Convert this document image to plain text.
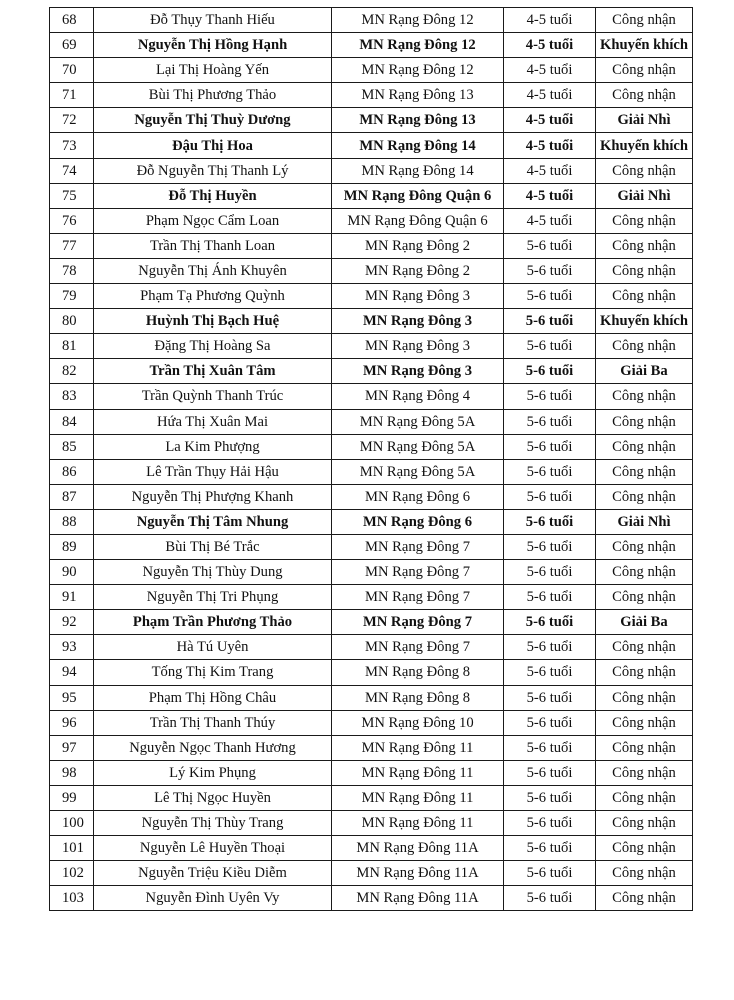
68	Đỗ Thụy Thanh Hiếu	MN Rạng Đông 12	4-5 tuổi	Công nhận
69	Nguyễn Thị Hồng Hạnh	MN Rạng Đông 12	4-5 tuổi	Khuyến khích
70	Lại Thị Hoàng Yến	MN Rạng Đông 12	4-5 tuổi	Công nhận
71	Bùi Thị Phương Thảo	MN Rạng Đông 13	4-5 tuổi	Công nhận
72	Nguyễn Thị Thuỳ Dương	MN Rạng Đông 13	4-5 tuổi	Giải Nhì
73	Đậu Thị Hoa	MN Rạng Đông 14	4-5 tuổi	Khuyến khích
74	Đỗ Nguyễn Thị Thanh Lý	MN Rạng Đông 14	4-5 tuổi	Công nhận
75	Đỗ Thị Huyền	MN Rạng Đông Quận 6	4-5 tuổi	Giải Nhì
76	Phạm Ngọc Cẩm Loan	MN Rạng Đông Quận 6	4-5 tuổi	Công nhận
77	Trần Thị Thanh Loan	MN Rạng Đông 2	5-6 tuổi	Công nhận
78	Nguyễn Thị Ánh Khuyên	MN Rạng Đông 2	5-6 tuổi	Công nhận
79	Phạm Tạ Phương Quỳnh	MN Rạng Đông 3	5-6 tuổi	Công nhận
80	Huỳnh Thị Bạch Huệ	MN Rạng Đông 3	5-6 tuổi	Khuyến khích
81	Đặng Thị Hoàng Sa	MN Rạng Đông 3	5-6 tuổi	Công nhận
82	Trần Thị Xuân Tâm	MN Rạng Đông 3	5-6 tuổi	Giải Ba
83	Trần Quỳnh Thanh Trúc	MN Rạng Đông 4	5-6 tuổi	Công nhận
84	Hứa Thị Xuân Mai	MN Rạng Đông 5A	5-6 tuổi	Công nhận
85	La Kim Phượng	MN Rạng Đông 5A	5-6 tuổi	Công nhận
86	Lê Trần Thụy Hải Hậu	MN Rạng Đông 5A	5-6 tuổi	Công nhận
87	Nguyễn Thị Phượng Khanh	MN Rạng Đông 6	5-6 tuổi	Công nhận
88	Nguyễn Thị Tâm Nhung	MN Rạng Đông 6	5-6 tuổi	Giải Nhì
89	Bùi Thị Bé Trắc	MN Rạng Đông 7	5-6 tuổi	Công nhận
90	Nguyễn Thị Thùy Dung	MN Rạng Đông 7	5-6 tuổi	Công nhận
91	Nguyễn Thị Tri Phụng	MN Rạng Đông 7	5-6 tuổi	Công nhận
92	Phạm Trần Phương Thảo	MN Rạng Đông 7	5-6 tuổi	Giải Ba
93	Hà Tú Uyên	MN Rạng Đông 7	5-6 tuổi	Công nhận
94	Tống Thị Kim Trang	MN Rạng Đông 8	5-6 tuổi	Công nhận
95	Phạm Thị Hồng Châu	MN Rạng Đông 8	5-6 tuổi	Công nhận
96	Trần Thị Thanh Thúy	MN Rạng Đông 10	5-6 tuổi	Công nhận
97	Nguyễn Ngọc Thanh Hương	MN Rạng Đông 11	5-6 tuổi	Công nhận
98	Lý Kim Phụng	MN Rạng Đông 11	5-6 tuổi	Công nhận
99	Lê Thị Ngọc Huyền	MN Rạng Đông 11	5-6 tuổi	Công nhận
100	Nguyễn Thị Thùy Trang	MN Rạng Đông 11	5-6 tuổi	Công nhận
101	Nguyễn Lê Huyền Thoại	MN Rạng Đông 11A	5-6 tuổi	Công nhận
102	Nguyễn Triệu Kiều Diễm	MN Rạng Đông 11A	5-6 tuổi	Công nhận
103	Nguyễn Đình Uyên Vy	MN Rạng Đông 11A	5-6 tuổi	Công nhận
